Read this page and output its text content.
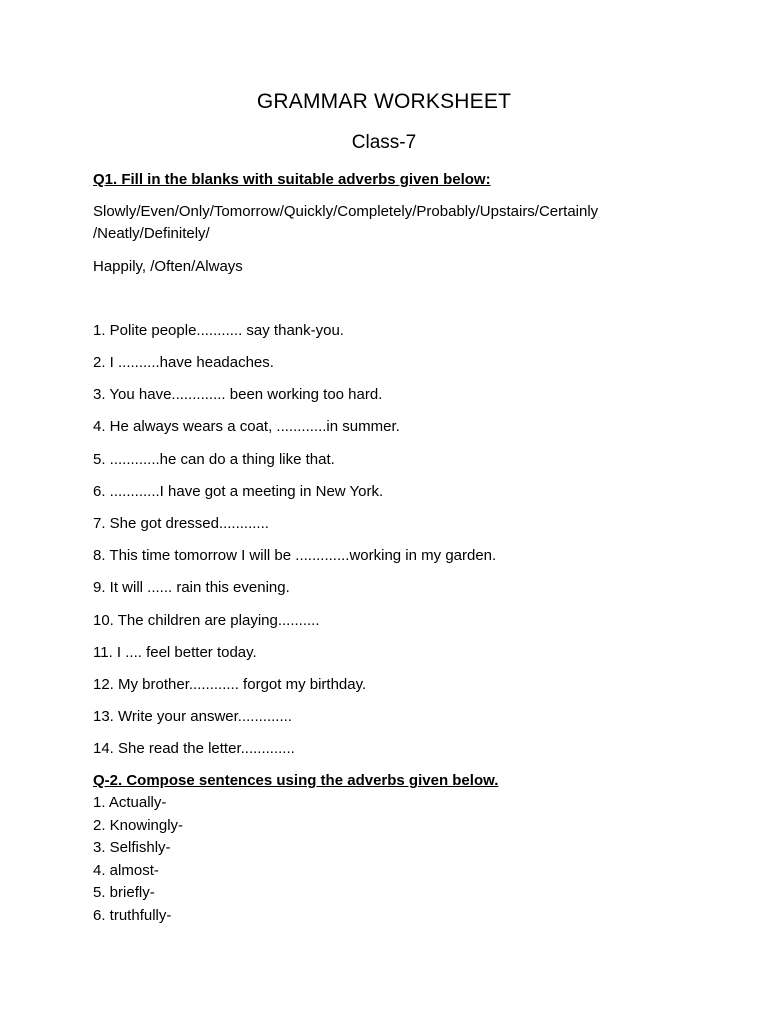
GRAMMAR WORKSHEET
Class-7
Q1. Fill in the blanks with suitable adverbs given below:
Slowly/Even/Only/Tomorrow/Quickly/Completely/Probably/Upstairs/Certainly
/Neatly/Definitely/
Happily, /Often/Always
1. Polite people........... say thank-you.
2. I ..........have headaches.
3. You have............. been working too hard.
4. He always wears a coat, ............in summer.
5. ............he can do a thing like that.
6. ............I have got a meeting in New York.
7. She got dressed............
8. This time tomorrow I will be .............working in my garden.
9. It will ...... rain this evening.
10. The children are playing..........
11. I .... feel better today.
12. My brother............ forgot my birthday.
13. Write your answer.............
14. She read the letter.............
Q-2. Compose sentences using the adverbs given below.
1. Actually-
2. Knowingly-
3. Selfishly-
4. almost-
5. briefly-
6. truthfully-
